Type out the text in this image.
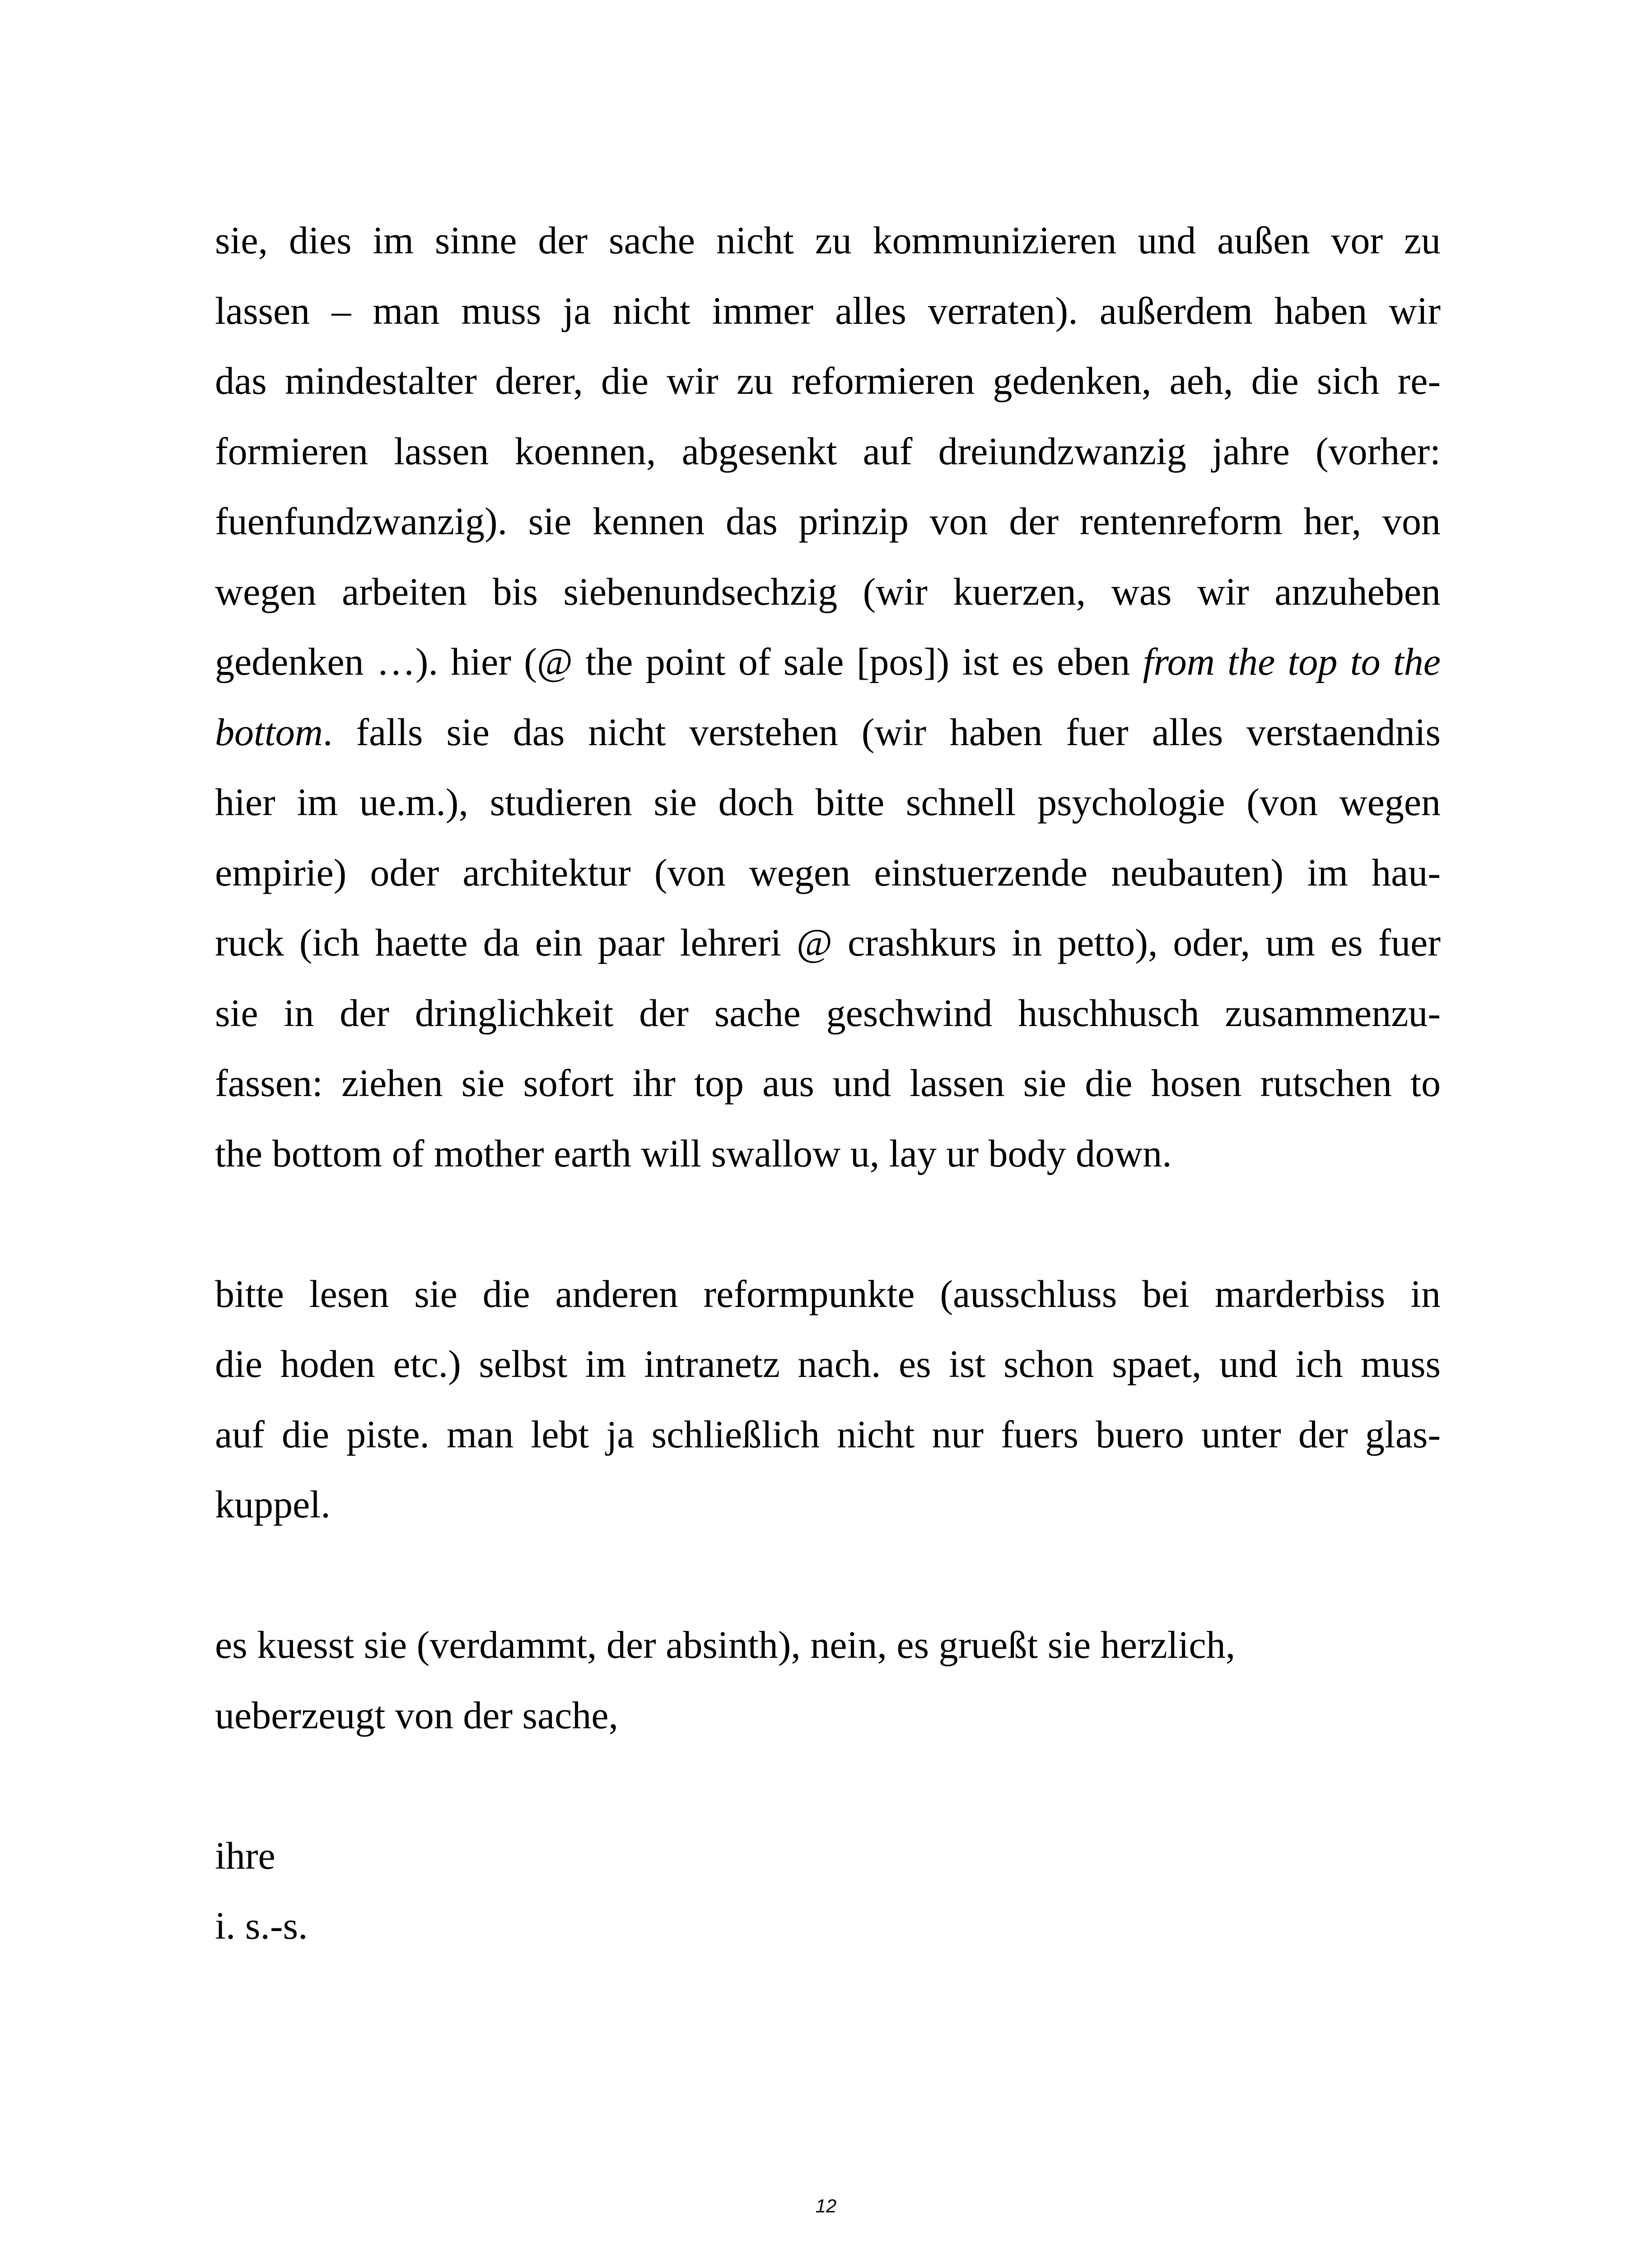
sie, dies im sinne der sache nicht zu kommunizieren und außen vor zu
lassen – man muss ja nicht immer alles verraten). außerdem haben wir
das mindestalter derer, die wir zu reformieren gedenken, aeh, die sich re-
formieren lassen koennen, abgesenkt auf dreiundzwanzig jahre (vorher:
fuenfundzwanzig). sie kennen das prinzip von der rentenreform her, von
wegen arbeiten bis siebenundsechzig (wir kuerzen, was wir anzuheben
gedenken …). hier (@ the point of sale [pos]) ist es eben from the top to the
bottom. falls sie das nicht verstehen (wir haben fuer alles verstaendnis
hier im ue.m.), studieren sie doch bitte schnell psychologie (von wegen
empirie) oder architektur (von wegen einstuerzende neubauten) im hau-
ruck (ich haette da ein paar lehreri @ crashkurs in petto), oder, um es fuer
sie in der dringlichkeit der sache geschwind huschhusch zusammenzu-
fassen: ziehen sie sofort ihr top aus und lassen sie die hosen rutschen to
the bottom of mother earth will swallow u, lay ur body down.
bitte lesen sie die anderen reformpunkte (ausschluss bei marderbiss in
die hoden etc.) selbst im intranetz nach. es ist schon spaet, und ich muss
auf die piste. man lebt ja schließlich nicht nur fuers buero unter der glas-
kuppel.
es kuesst sie (verdammt, der absinth), nein, es grueßt sie herzlich,
ueberzeugt von der sache,
ihre
i. s.-s.
12
